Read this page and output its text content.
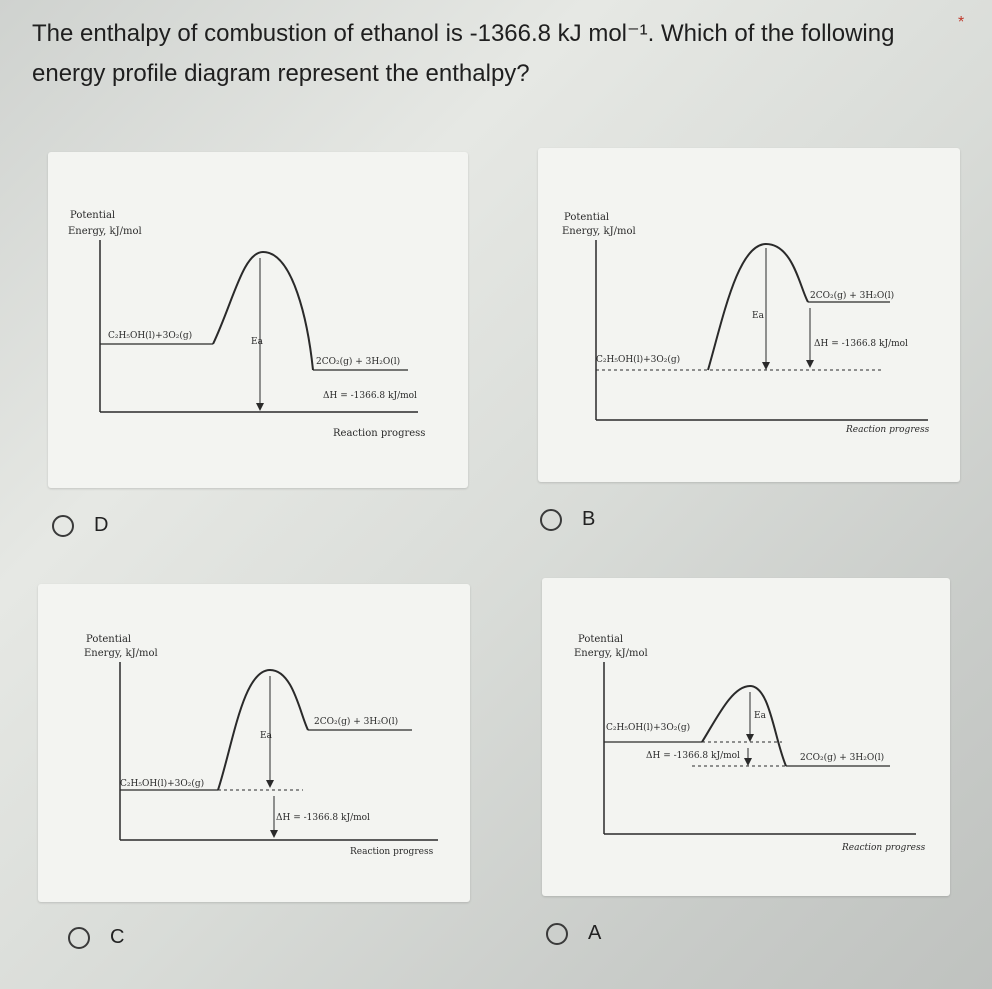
The enthalpy of combustion of ethanol is -1366.8 kJ mol⁻¹. Which of the following energy profile diagram represent the enthalpy?
*
Potential
Energy, kJ/mol
C₂H₅OH(l)+3O₂(g)
Ea
2CO₂(g) + 3H₂O(l)
ΔH = -1366.8 kJ/mol
Reaction progress
Potential
Energy, kJ/mol
C₂H₅OH(l)+3O₂(g)
Ea
2CO₂(g) + 3H₂O(l)
ΔH = -1366.8 kJ/mol
Reaction progress
Potential
Energy, kJ/mol
C₂H₅OH(l)+3O₂(g)
Ea
2CO₂(g) + 3H₂O(l)
ΔH = -1366.8 kJ/mol
Reaction progress
Potential
Energy, kJ/mol
C₂H₅OH(l)+3O₂(g)
Ea
2CO₂(g) + 3H₂O(l)
ΔH = -1366.8 kJ/mol
Reaction progress
D	B
C	A
